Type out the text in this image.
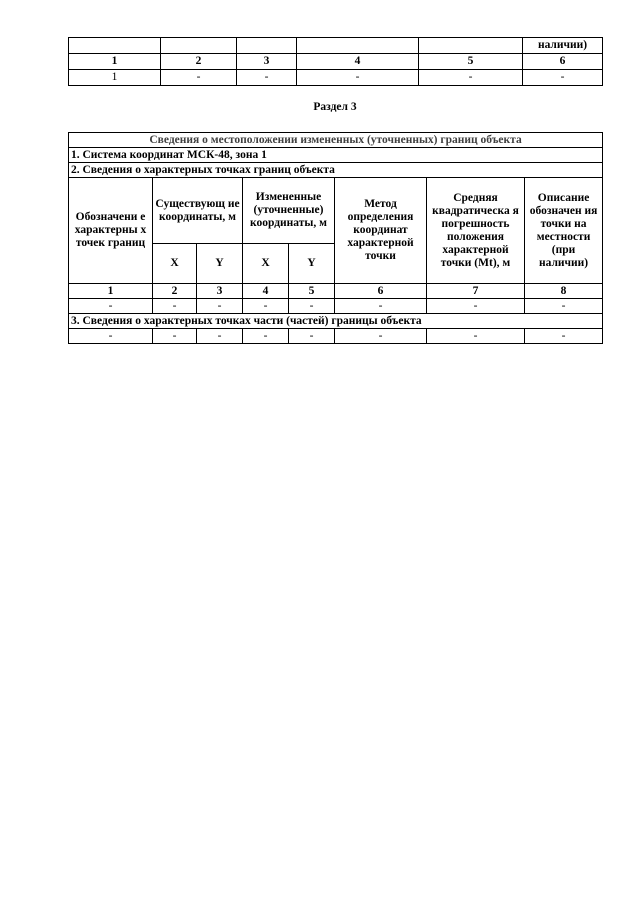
					наличии)
1	2	3	4	5	6
1	-	-	-	-	-
Раздел 3
Сведения о местоположении измененных (уточненных) границ объекта							
1. Система координат МСК-48, зона 1							
2. Сведения о характерных точках границ объекта							
Обозначени е характерны х точек границ	Существующ ие координаты, м		Измененные (уточненные) координаты, м		Метод определения координат характерной точки	Средняя квадратическа я погрешность положения характерной точки (Mt), м	Описание обозначен ия точки на местности (при наличии)
	X	Y	X	Y			
1	2	3	4	5	6	7	8
-	-	-	-	-	-	-	-
3. Сведения о характерных точках части (частей) границы объекта							
-	-	-	-	-	-	-	-
